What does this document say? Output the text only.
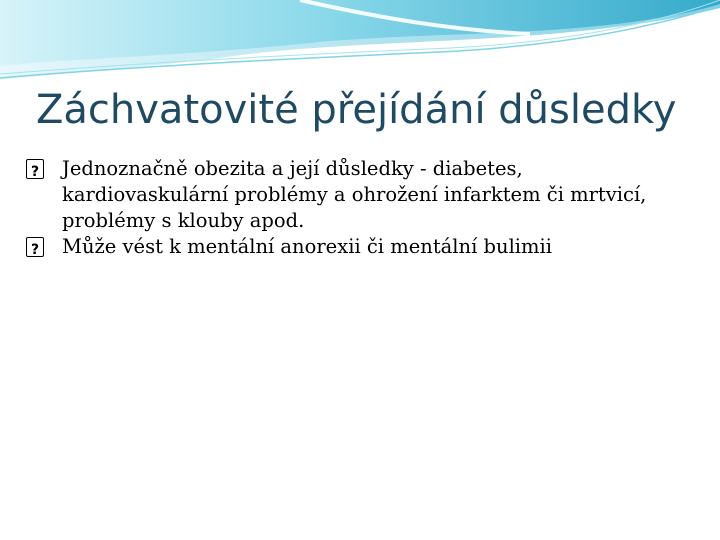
Záchvatovité přejídání důsledky
?
Jednoznačně obezita a její důsledky - diabetes, kardiovaskulární problémy a ohrožení infarktem či mrtvicí, problémy s klouby apod.
?
Může vést k mentální anorexii či mentální bulimii
